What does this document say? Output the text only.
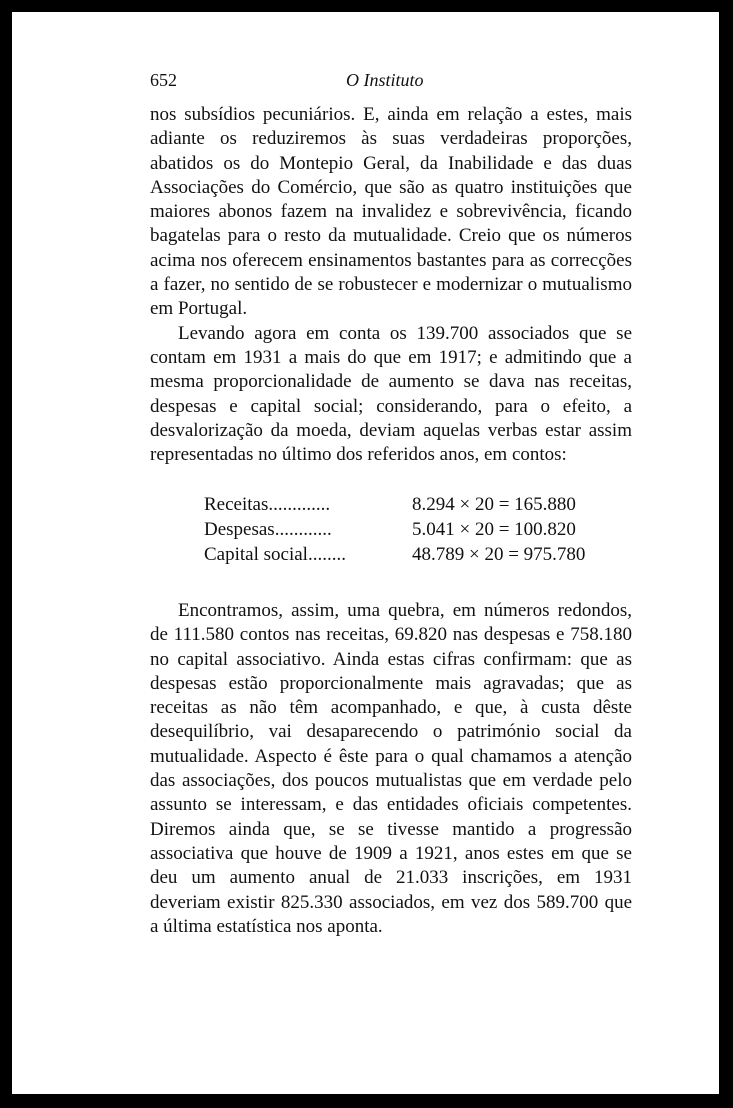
652	O Instituto

nos subsídios pecuniários. E, ainda em relação a estes, mais adiante os reduziremos às suas verdadeiras proporções, abatidos os do Montepio Geral, da Inabilidade e das duas Associações do Comércio, que são as quatro instituições que maiores abonos fazem na invalidez e sobrevivência, ficando bagatelas para o resto da mutualidade. Creio que os números acima nos oferecem ensinamentos bastantes para as correcções a fazer, no sentido de se robustecer e modernizar o mutualismo em Portugal.

Levando agora em conta os 139.700 associados que se contam em 1931 a mais do que em 1917; e admitindo que a mesma proporcionalidade de aumento se dava nas receitas, despesas e capital social; considerando, para o efeito, a desvalorização da moeda, deviam aquelas verbas estar assim representadas no último dos referidos anos, em contos:

Receitas.............	8.294 × 20 = 165.880
Despesas............	5.041 × 20 = 100.820
Capital social........	48.789 × 20 = 975.780

Encontramos, assim, uma quebra, em números redondos, de 111.580 contos nas receitas, 69.820 nas despesas e 758.180 no capital associativo. Ainda estas cifras confirmam: que as despesas estão proporcionalmente mais agravadas; que as receitas as não têm acompanhado, e que, à custa dêste desequilíbrio, vai desaparecendo o património social da mutualidade. Aspecto é êste para o qual chamamos a atenção das associações, dos poucos mutualistas que em verdade pelo assunto se interessam, e das entidades oficiais competentes. Diremos ainda que, se se tivesse mantido a progressão associativa que houve de 1909 a 1921, anos estes em que se deu um aumento anual de 21.033 inscrições, em 1931 deveriam existir 825.330 associados, em vez dos 589.700 que a última estatística nos aponta.
